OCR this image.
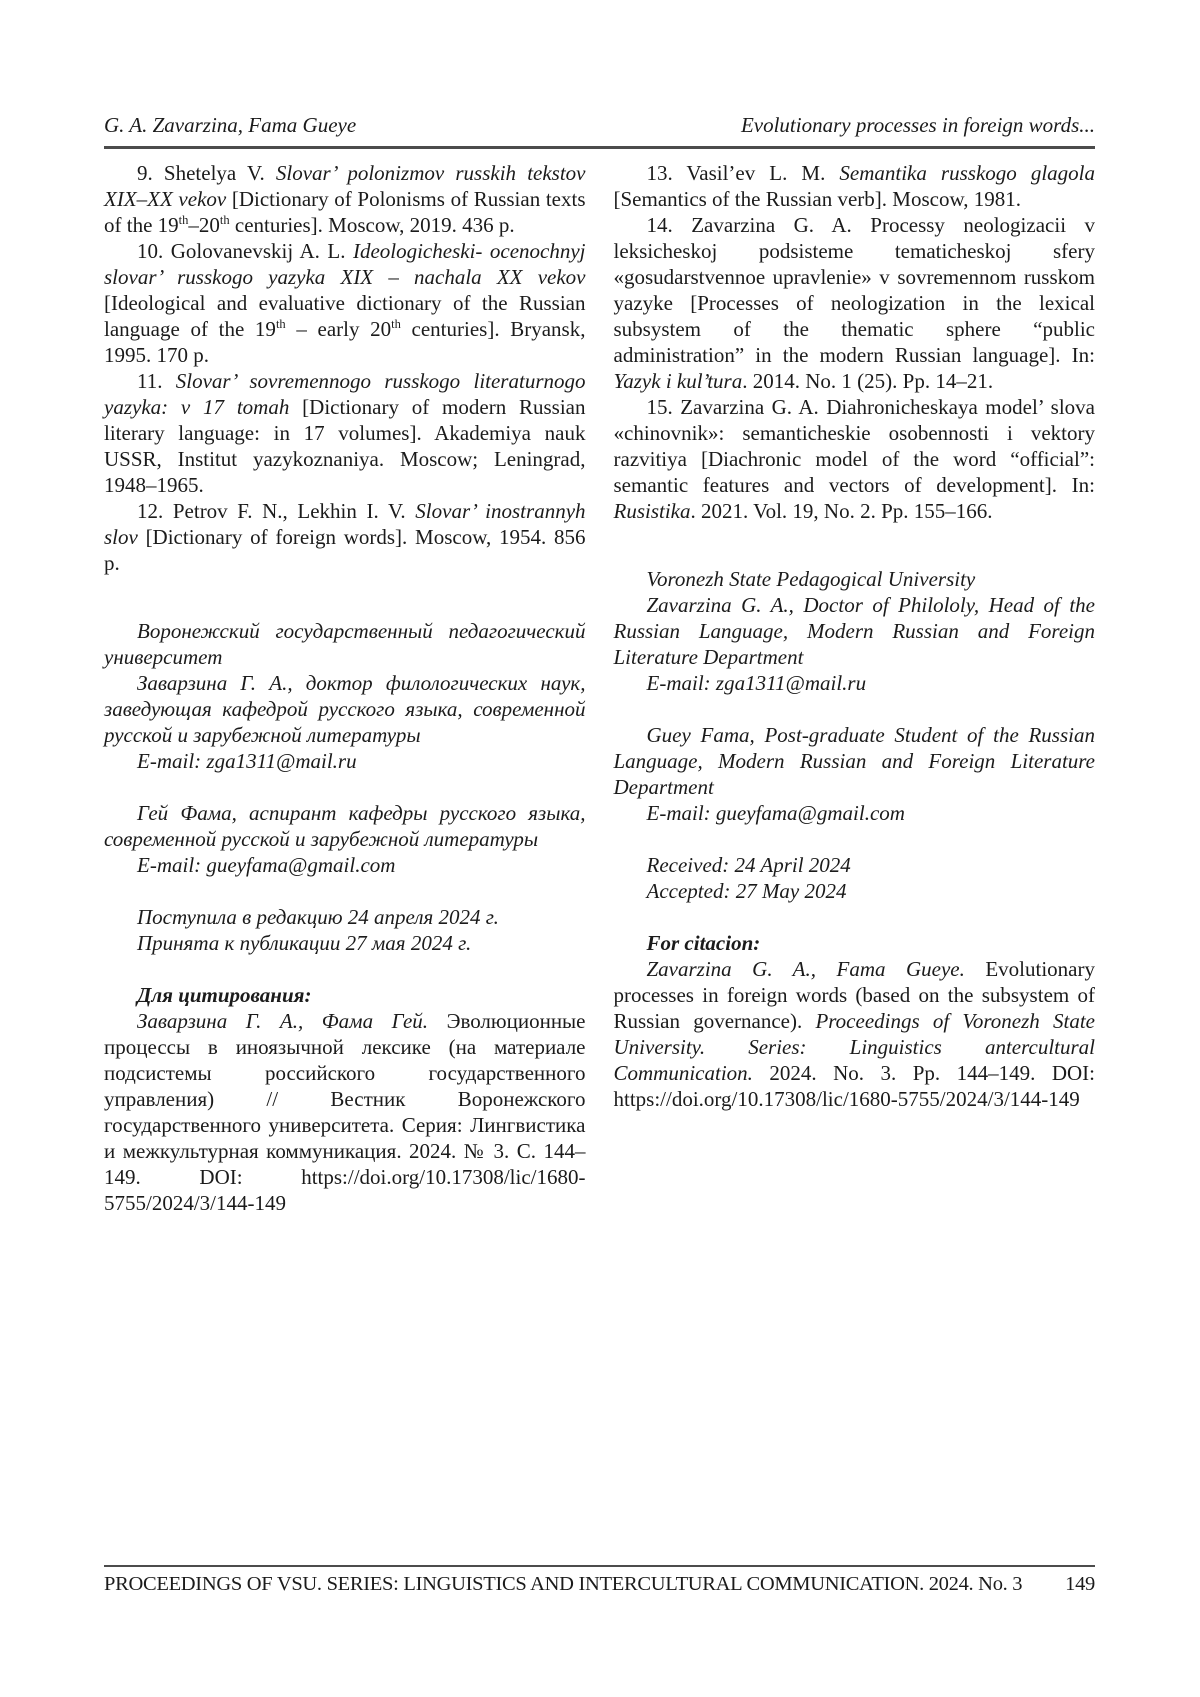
G. A. Zavarzina, Fama Gueye	Evolutionary processes in foreign words...

9. Shetelya V. Slovar’ polonizmov russkih tekstov XIX–XX vekov [Dictionary of Polonisms of Russian texts of the 19th–20th centuries]. Moscow, 2019. 436 p.

10. Golovanevskij A. L. Ideologicheski- ocenochnyj slovar’ russkogo yazyka XIX – nachala XX vekov [Ideological and evaluative dictionary of the Russian language of the 19th – early 20th centuries]. Bryansk, 1995. 170 p.

11. Slovar’ sovremennogo russkogo literaturnogo yazyka: v 17 tomah [Dictionary of modern Russian literary language: in 17 volumes]. Akademiya nauk USSR, Institut yazykoznaniya. Moscow; Leningrad, 1948–1965.

12. Petrov F. N., Lekhin I. V. Slovar’ inostrannyh slov [Dictionary of foreign words]. Moscow, 1954. 856 p.

Воронежский государственный педагогический университет

Заварзина Г. А., доктор филологических наук, заведующая кафедрой русского языка, современной русской и зарубежной литературы

E-mail: zga1311@mail.ru

Гей Фама, аспирант кафедры русского языка, современной русской и зарубежной литературы

E-mail: gueyfama@gmail.com

Поступила в редакцию 24 апреля 2024 г.

Принята к публикации 27 мая 2024 г.

Для цитирования:

Заварзина Г. А., Фама Гей. Эволюционные процессы в иноязычной лексике (на материале подсистемы российского государственного управления) // Вестник Воронежского государственного университета. Серия: Лингвистика и межкультурная коммуникация. 2024. № 3. С. 144–149. DOI: https://doi.org/10.17308/lic/1680-5755/2024/3/144-149

13. Vasil’ev L. M. Semantika russkogo glagola [Semantics of the Russian verb]. Moscow, 1981.

14. Zavarzina G. A. Processy neologizacii v leksicheskoj podsisteme tematicheskoj sfery «gosudarstvennoe upravlenie» v sovremennom russkom yazyke [Processes of neologization in the lexical subsystem of the thematic sphere “public administration” in the modern Russian language]. In: Yazyk i kul’tura. 2014. No. 1 (25). Pp. 14–21.

15. Zavarzina G. A. Diahronicheskaya model’ slova «chinovnik»: semanticheskie osobennosti i vektory razvitiya [Diachronic model of the word “official”: semantic features and vectors of development]. In: Rusistika. 2021. Vol. 19, No. 2. Pp. 155–166.

Voronezh State Pedagogical University

Zavarzina G. A., Doctor of Philololy, Head of the Russian Language, Modern Russian and Foreign Literature Department

E-mail: zga1311@mail.ru

Guey Fama, Post-graduate Student of the Russian Language, Modern Russian and Foreign Literature Department

E-mail: gueyfama@gmail.com

Received: 24 April 2024

Accepted: 27 May 2024

For citacion:

Zavarzina G. A., Fama Gueye. Evolutionary processes in foreign words (based on the subsystem of Russian governance). Proceedings of Voronezh State University. Series: Linguistics antercultural Communication. 2024. No. 3. Pp. 144–149. DOI: https://doi.org/10.17308/lic/1680-5755/2024/3/144-149

PROCEEDINGS OF VSU. SERIES: LINGUISTICS AND INTERCULTURAL COMMUNICATION. 2024. No. 3 149
